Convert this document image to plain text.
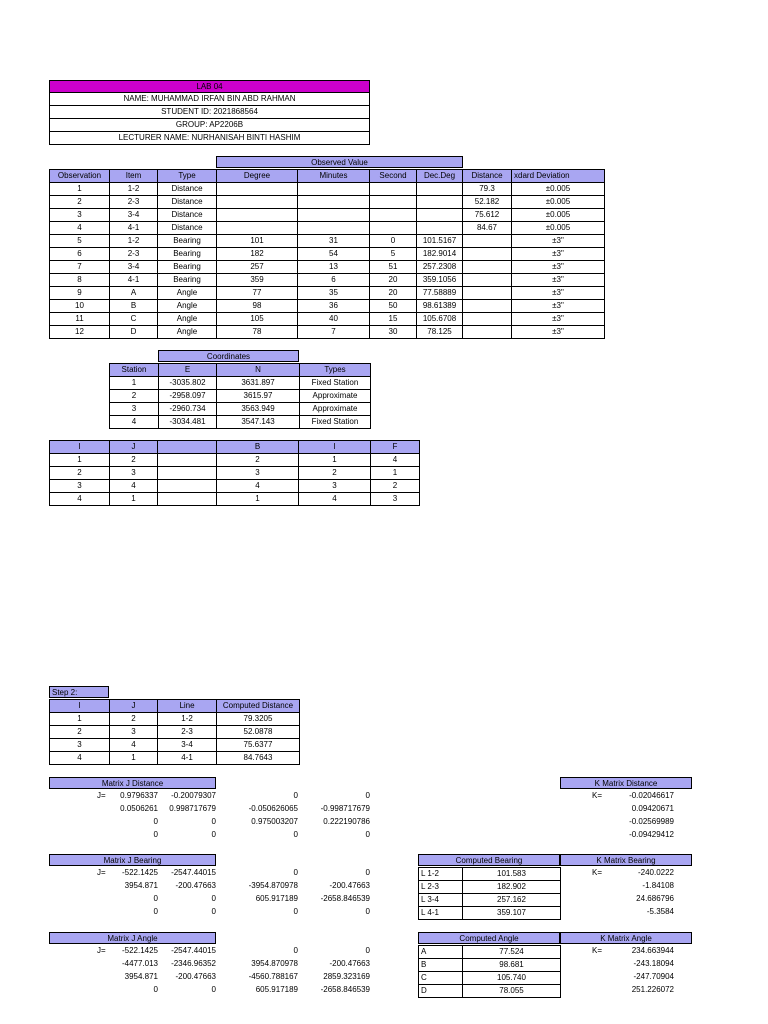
LAB 04
NAME: MUHAMMAD IRFAN BIN ABD RAHMAN
STUDENT ID: 2021868564
GROUP: AP2206B
LECTURER NAME: NURHANISAH BINTI HASHIM
Observed Value
Observation	Item	Type	Degree	Minutes	Second	Dec.Deg	Distance	xdard Deviation
1	1-2	Distance					79.3	±0.005
2	2-3	Distance					52.182	±0.005
3	3-4	Distance					75.612	±0.005
4	4-1	Distance					84.67	±0.005
5	1-2	Bearing	101	31	0	101.5167		±3"
6	2-3	Bearing	182	54	5	182.9014		±3"
7	3-4	Bearing	257	13	51	257.2308		±3"
8	4-1	Bearing	359	6	20	359.1056		±3"
9	A	Angle	77	35	20	77.58889		±3"
10	B	Angle	98	36	50	98.61389		±3"
11	C	Angle	105	40	15	105.6708		±3"
12	D	Angle	78	7	30	78.125		±3"
Coordinates
Station	E	N	Types
1	-3035.802	3631.897	Fixed Station
2	-2958.097	3615.97	Approximate
3	-2960.734	3563.949	Approximate
4	-3034.481	3547.143	Fixed Station
I	J		B	I	F
1	2		2	1	4
2	3		3	2	1
3	4		4	3	2
4	1		1	4	3
Step 2:
I	J	Line	Computed Distance
1	2	1-2	79.3205
2	3	2-3	52.0878
3	4	3-4	75.6377
4	1	4-1	84.7643
Matrix J Distance
J= 0.9796337 -0.20079307	0	0
0.0506261 0.998717679	-0.050626065	-0.998717679
0	0	0.975003207	0.222190786
0	0	0	0
K Matrix Distance
K=	-0.02046617
0.09420671
-0.02569989
-0.09429412
Matrix J Bearing
J= -522.1425 -2547.44015	0	0
3954.871 -200.47663	-3954.870978	-200.47663
0	0	605.917189	-2658.846539
0	0	0	0
Computed Bearing
L 1-2	101.583
L 2-3	182.902
L 3-4	257.162
L 4-1	359.107
K Matrix Bearing
K=	-240.0222
-1.84108
24.686796
-5.3584
Matrix J Angle
J= -522.1425 -2547.44015	0	0
-4477.013 -2346.96352	3954.870978	-200.47663
3954.871 -200.47663	-4560.788167	2859.323169
0	0	605.917189	-2658.846539
Computed Angle
A	77.524
B	98.681
C	105.740
D	78.055
K Matrix Angle
K=	234.663944
-243.18094
-247.70904
251.226072
